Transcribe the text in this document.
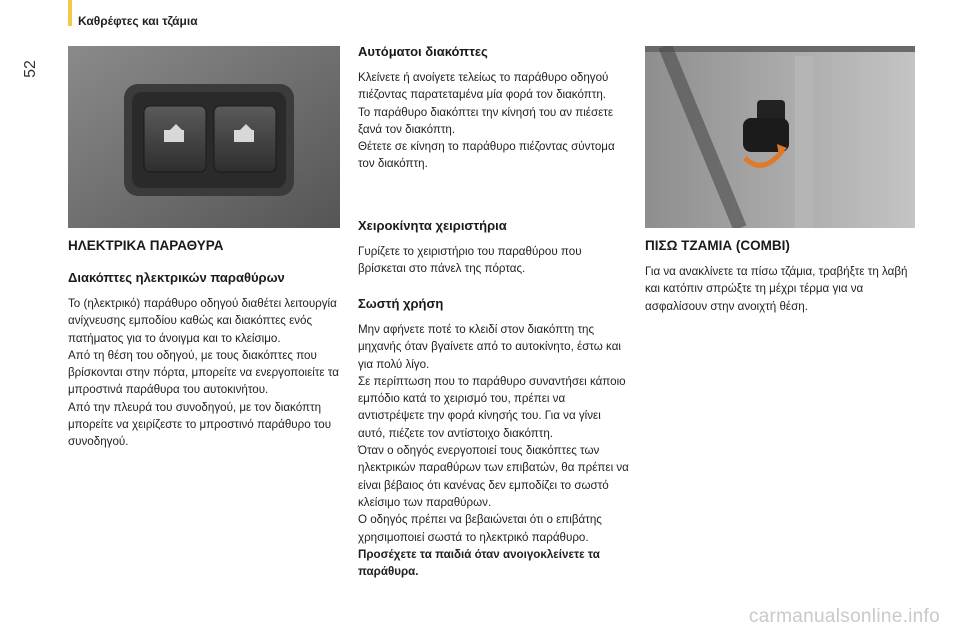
52
Καθρέφτες και τζάμια
ΗΛΕΚΤΡΙΚΑ ΠΑΡΑΘΥΡΑ
Διακόπτες ηλεκτρικών παραθύρων

Το (ηλεκτρικό) παράθυρο οδηγού διαθέτει λειτουργία ανίχνευσης εμποδίου καθώς και διακόπτες ενός πατήματος για το άνοιγμα και το κλείσιμο.

Από τη θέση του οδηγού, με τους διακόπτες που βρίσκονται στην πόρτα, μπορείτε να ενεργοποιείτε τα μπροστινά παράθυρα του αυτοκινήτου.

Από την πλευρά του συνοδηγού, με τον διακόπτη μπορείτε να χειρίζεστε το μπροστινό παράθυρο του συνοδηγού.

Αυτόματοι διακόπτες

Κλείνετε ή ανοίγετε τελείως το παράθυρο οδηγού πιέζοντας παρατεταμένα μία φορά τον διακόπτη.

Το παράθυρο διακόπτει την κίνησή του αν πιέσετε ξανά τον διακόπτη.

Θέτετε σε κίνηση το παράθυρο πιέζοντας σύντομα τον διακόπτη.

Χειροκίνητα χειριστήρια

Γυρίζετε το χειριστήριο του παραθύρου που βρίσκεται στο πάνελ της πόρτας.

Σωστή χρήση

Μην αφήνετε ποτέ το κλειδί στον διακόπτη της μηχανής όταν βγαίνετε από το αυτοκίνητο, έστω και για πολύ λίγο.

Σε περίπτωση που το παράθυρο συναντήσει κάποιο εμπόδιο κατά το χειρισμό του, πρέπει να αντιστρέψετε την φορά κίνησής του. Για να γίνει αυτό, πιέζετε τον αντίστοιχο διακόπτη.

Όταν ο οδηγός ενεργοποιεί τους διακόπτες των ηλεκτρικών παραθύρων των επιβατών, θα πρέπει να είναι βέβαιος ότι κανένας δεν εμποδίζει το σωστό κλείσιμο των παραθύρων.

Ο οδηγός πρέπει να βεβαιώνεται ότι ο επιβάτης χρησιμοποιεί σωστά το ηλεκτρικό παράθυρο.

Προσέχετε τα παιδιά όταν ανοιγοκλείνετε τα παράθυρα.

ΠΙΣΩ ΤΖΑΜΙΑ (COMBI)

Για να ανακλίνετε τα πίσω τζάμια, τραβήξτε τη λαβή και κατόπιν σπρώξτε τη μέχρι τέρμα για να ασφαλίσουν στην ανοιχτή θέση.

carmanualsonline.info
